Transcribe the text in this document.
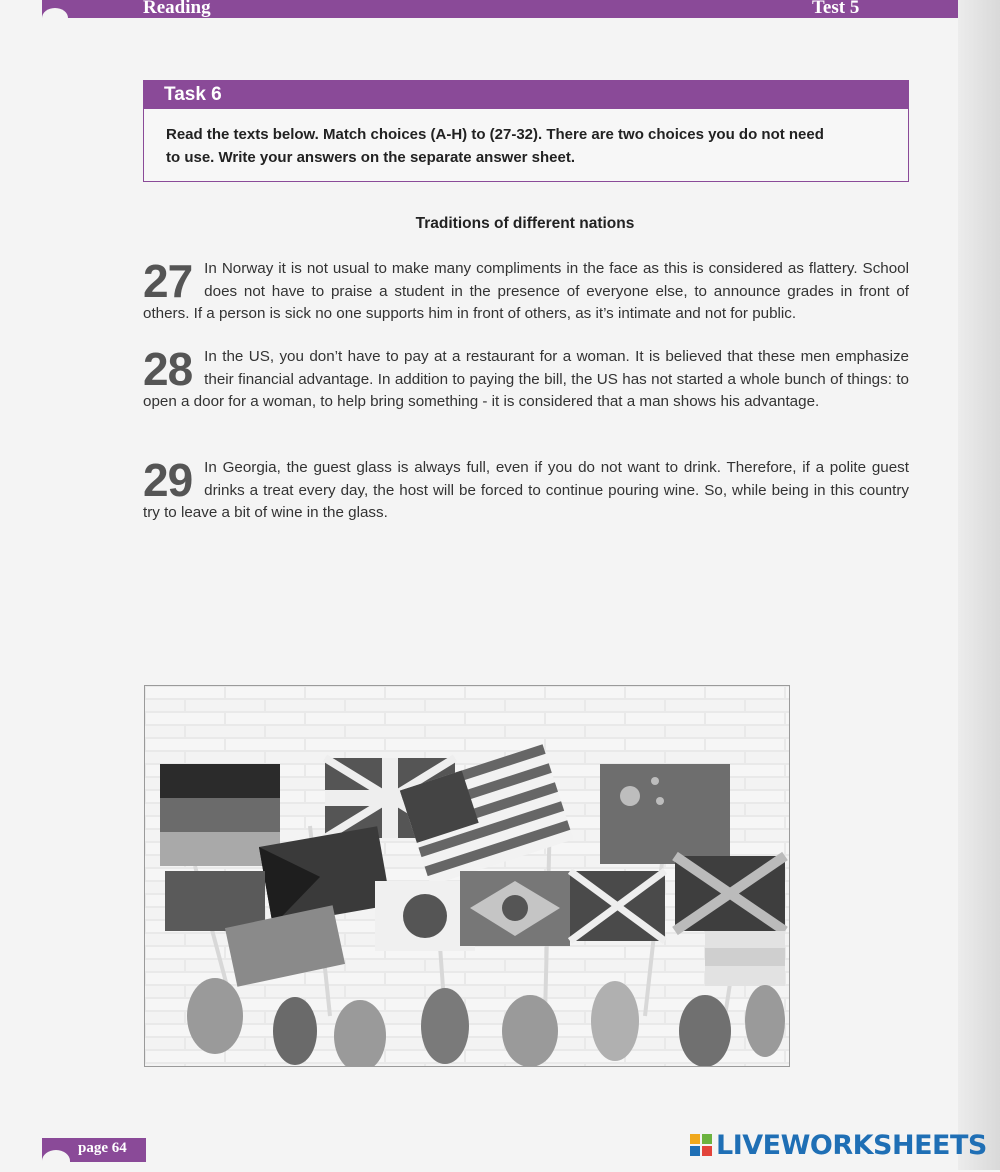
Reading	Test 5
Task 6
Read the texts below. Match choices (A-H) to (27-32). There are two choices you do not need to use. Write your answers on the separate answer sheet.
Traditions of different nations
27 In Norway it is not usual to make many compliments in the face as this is considered as flattery. School does not have to praise a student in the presence of everyone else, to announce grades in front of others. If a person is sick no one supports him in front of others, as it’s intimate and not for public.
28 In the US, you don’t have to pay at a restaurant for a woman. It is believed that these men emphasize their financial advantage. In addition to paying the bill, the US has not started a whole bunch of things: to open a door for a woman, to help bring something - it is considered that a man shows his advantage.
29 In Georgia, the guest glass is always full, even if you do not want to drink. Therefore, if a polite guest drinks a treat every day, the host will be forced to continue pouring wine. So, while being in this country try to leave a bit of wine in the glass.
page 64	LIVEWORKSHEETS
